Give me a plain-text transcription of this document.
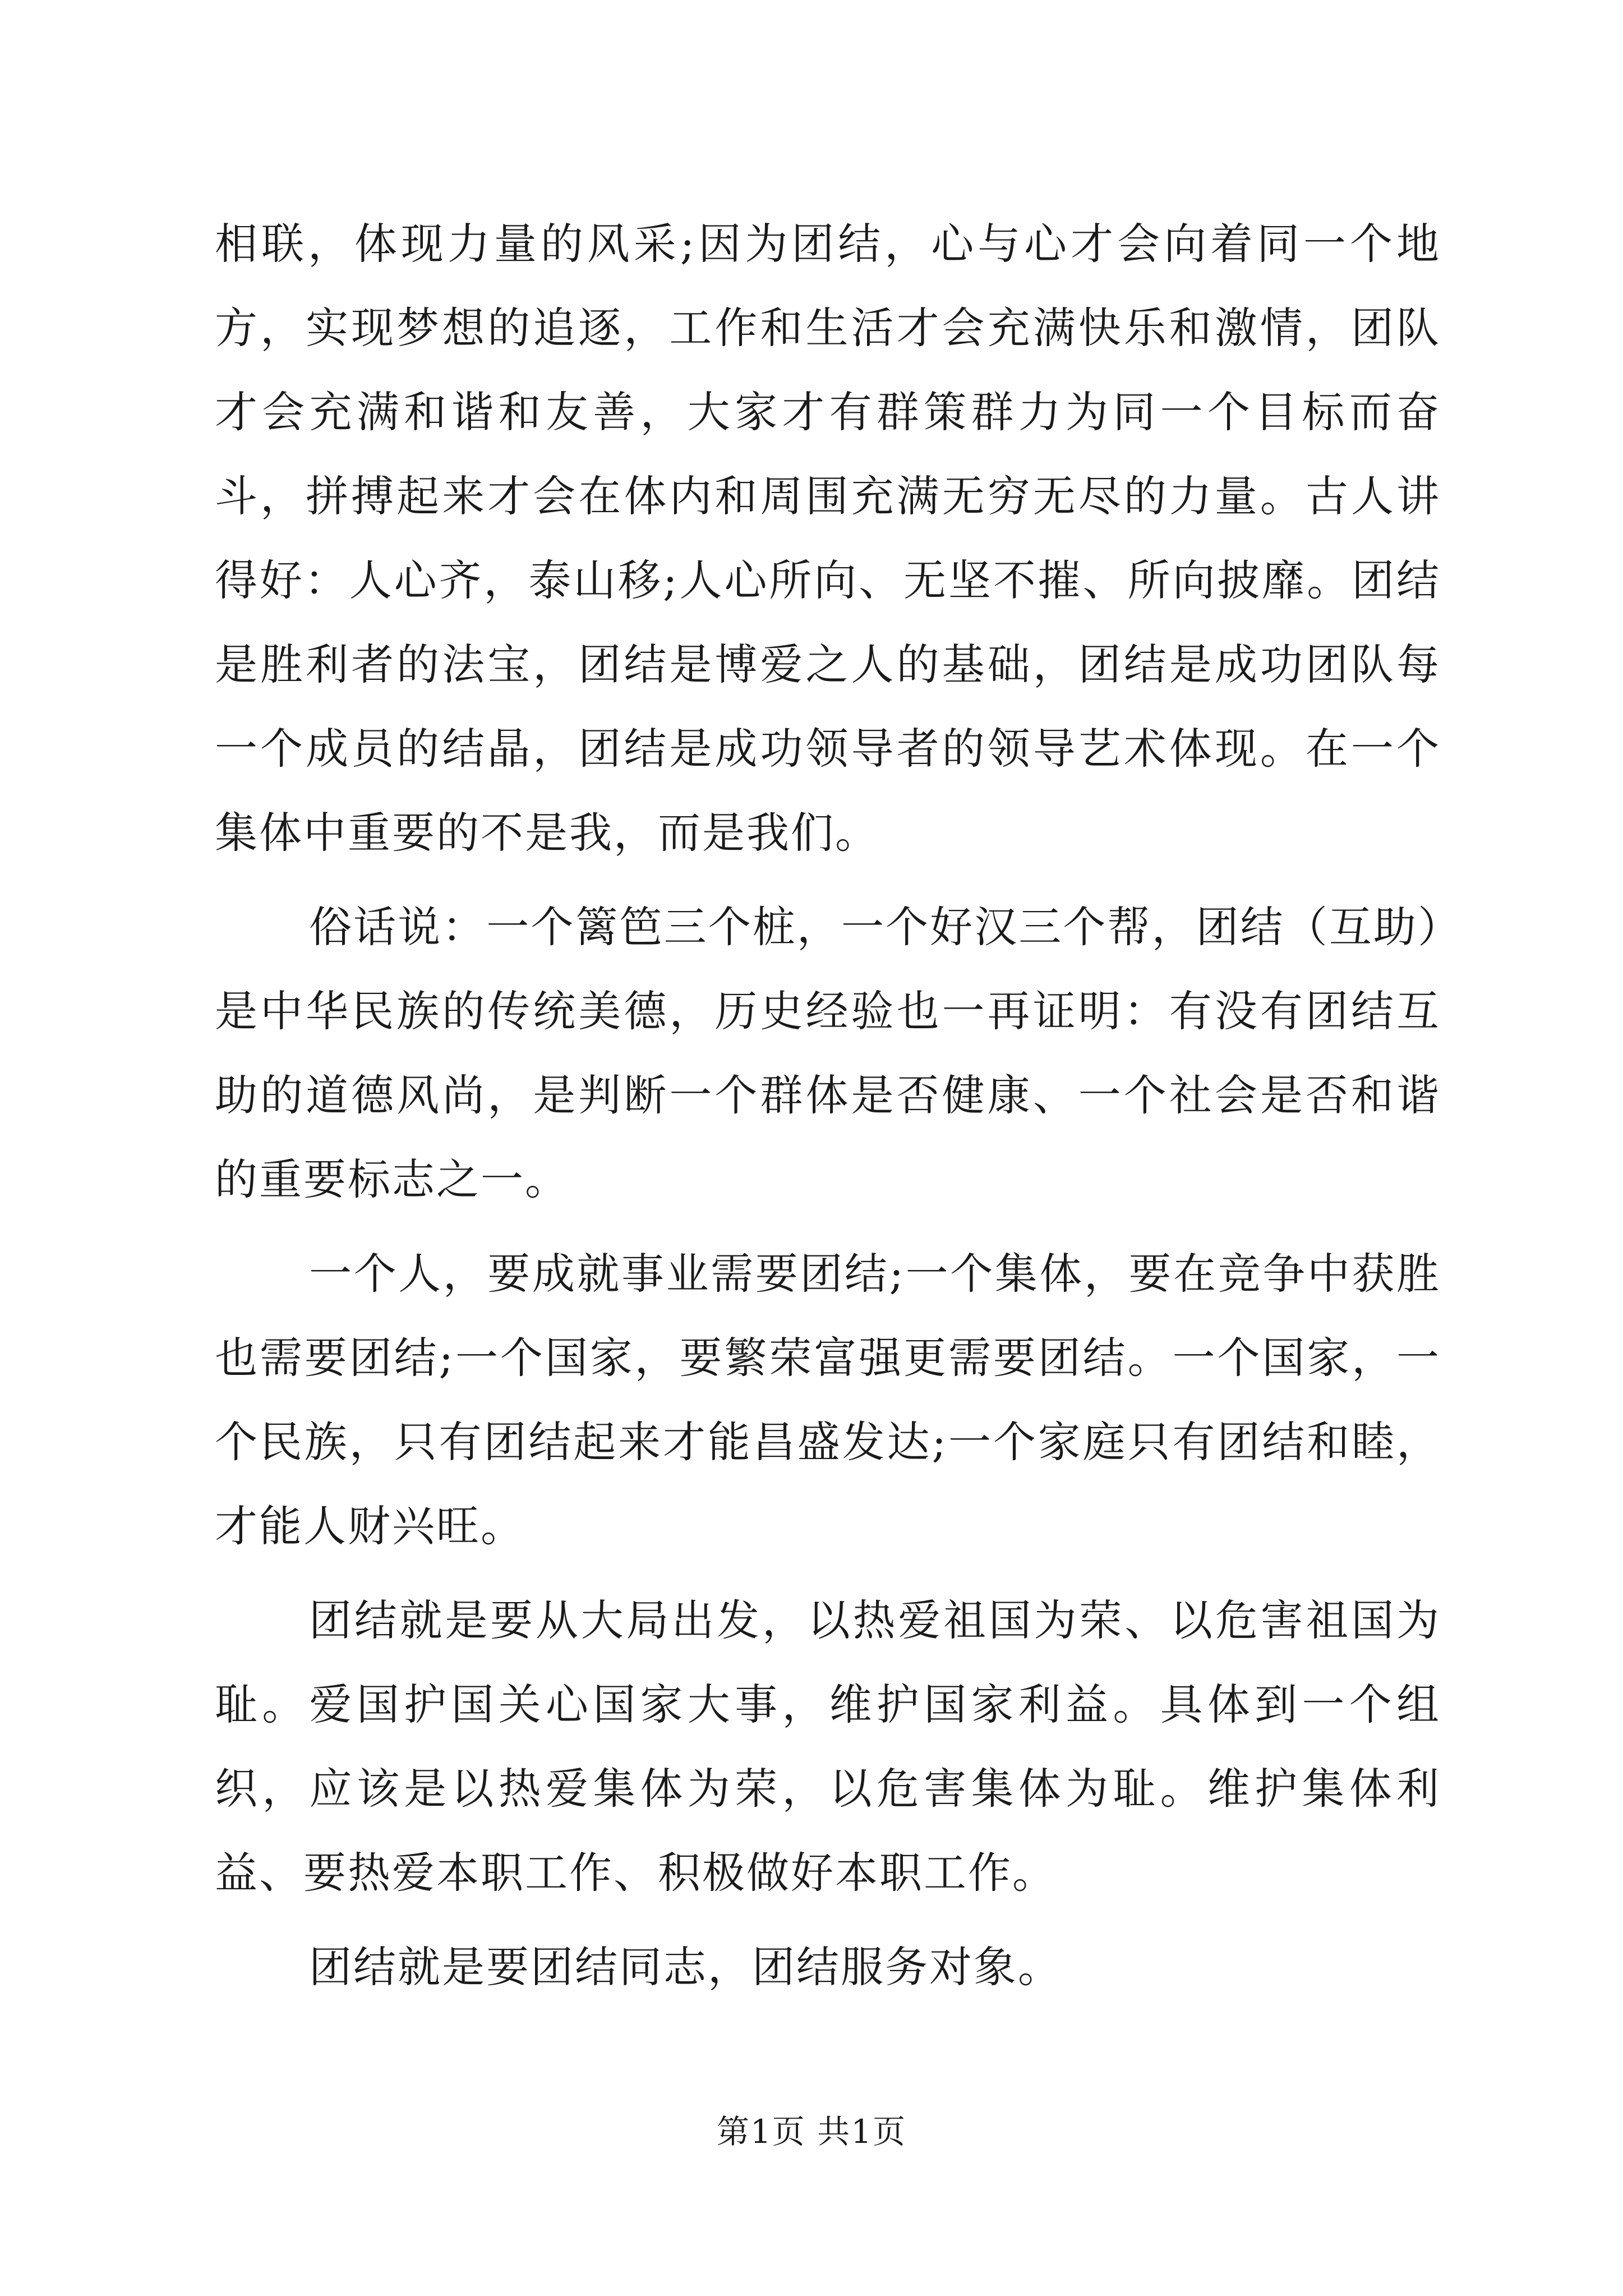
相联，体现力量的风采;因为团结，心与心才会向着同一个地方，实现梦想的追逐，工作和生活才会充满快乐和激情，团队才会充满和谐和友善，大家才有群策群力为同一个目标而奋斗，拼搏起来才会在体内和周围充满无穷无尽的力量。古人讲得好：人心齐，泰山移;人心所向、无坚不摧、所向披靡。团结是胜利者的法宝，团结是博爱之人的基础，团结是成功团队每一个成员的结晶，团结是成功领导者的领导艺术体现。在一个集体中重要的不是我，而是我们。

俗话说：一个篱笆三个桩，一个好汉三个帮，团结（互助）是中华民族的传统美德，历史经验也一再证明：有没有团结互助的道德风尚，是判断一个群体是否健康、一个社会是否和谐的重要标志之一。

一个人，要成就事业需要团结;一个集体，要在竞争中获胜也需要团结;一个国家，要繁荣富强更需要团结。一个国家，一个民族，只有团结起来才能昌盛发达;一个家庭只有团结和睦，才能人财兴旺。

团结就是要从大局出发，以热爱祖国为荣、以危害祖国为耻。爱国护国关心国家大事，维护国家利益。具体到一个组织，应该是以热爱集体为荣，以危害集体为耻。维护集体利益、要热爱本职工作、积极做好本职工作。

团结就是要团结同志，团结服务对象。

第1页 共1页
